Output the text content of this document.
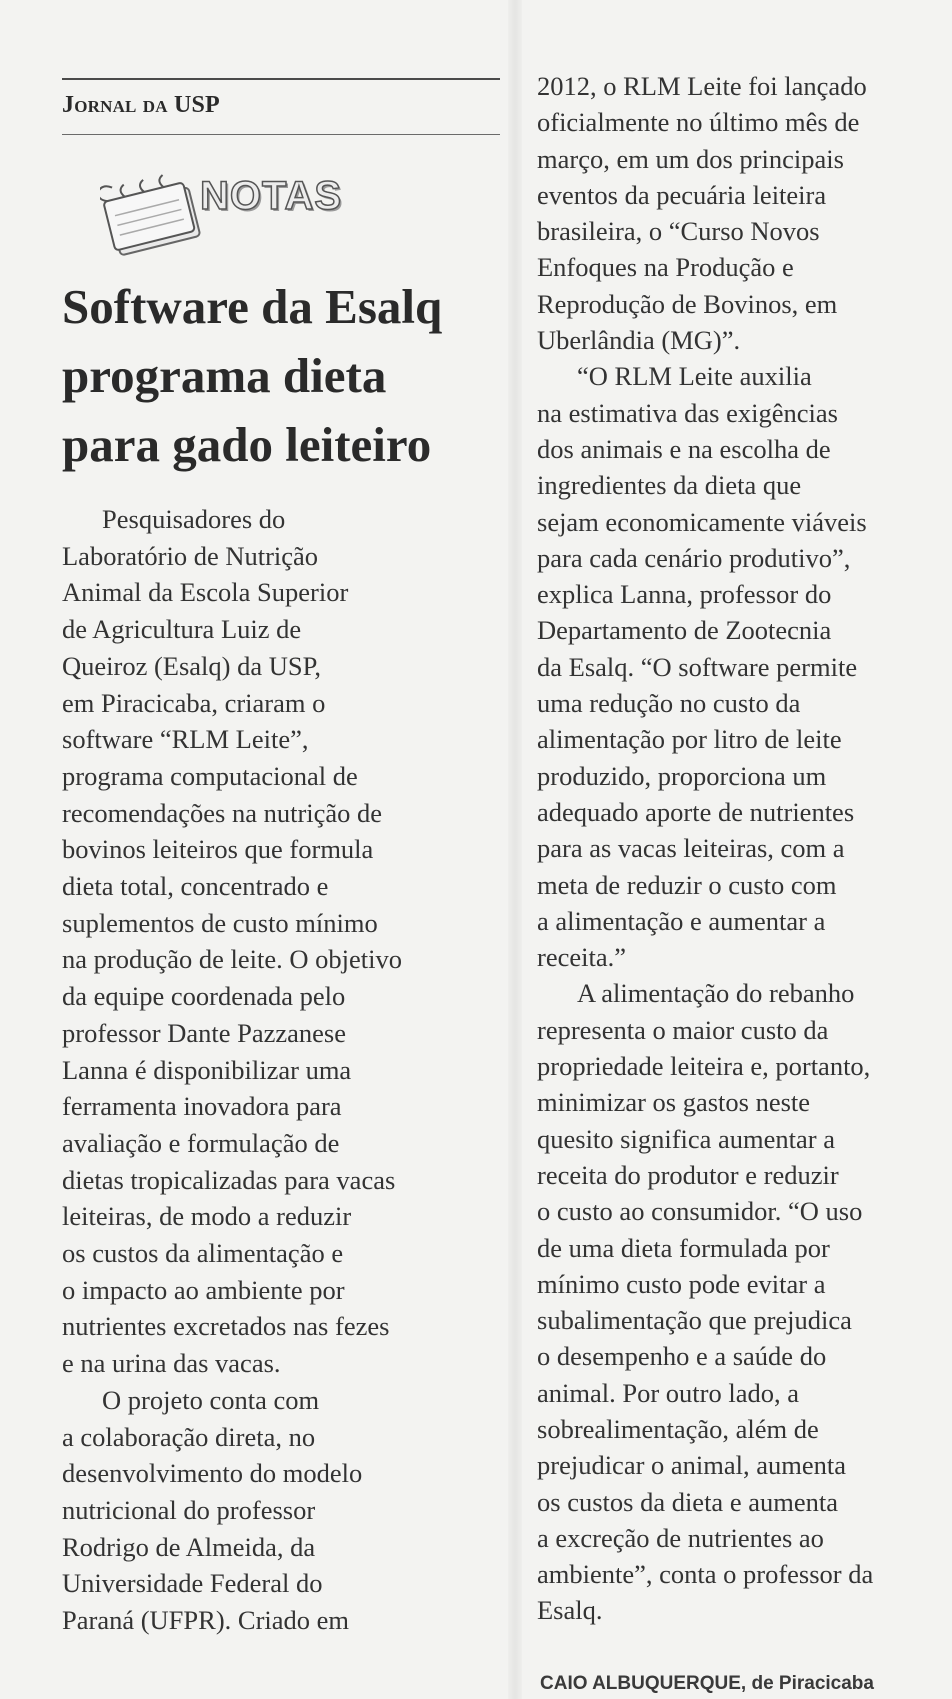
Jornal da USP
NOTAS
Software da Esalq
programa dieta
para gado leiteiro
Pesquisadores do
Laboratório de Nutrição
Animal da Escola Superior
de Agricultura Luiz de
Queiroz (Esalq) da USP,
em Piracicaba, criaram o
software “RLM Leite”,
programa computacional de
recomendações na nutrição de
bovinos leiteiros que formula
dieta total, concentrado e
suplementos de custo mínimo
na produção de leite. O objetivo
da equipe coordenada pelo
professor Dante Pazzanese
Lanna é disponibilizar uma
ferramenta inovadora para
avaliação e formulação de
dietas tropicalizadas para vacas
leiteiras, de modo a reduzir
os custos da alimentação e
o impacto ao ambiente por
nutrientes excretados nas fezes
e na urina das vacas.
O projeto conta com
a colaboração direta, no
desenvolvimento do modelo
nutricional do professor
Rodrigo de Almeida, da
Universidade Federal do
Paraná (UFPR). Criado em
2012, o RLM Leite foi lançado
oficialmente no último mês de
março, em um dos principais
eventos da pecuária leiteira
brasileira, o “Curso Novos
Enfoques na Produção e
Reprodução de Bovinos, em
Uberlândia (MG)”.
“O RLM Leite auxilia
na estimativa das exigências
dos animais e na escolha de
ingredientes da dieta que
sejam economicamente viáveis
para cada cenário produtivo”,
explica Lanna, professor do
Departamento de Zootecnia
da Esalq. “O software permite
uma redução no custo da
alimentação por litro de leite
produzido, proporciona um
adequado aporte de nutrientes
para as vacas leiteiras, com a
meta de reduzir o custo com
a alimentação e aumentar a
receita.”
A alimentação do rebanho
representa o maior custo da
propriedade leiteira e, portanto,
minimizar os gastos neste
quesito significa aumentar a
receita do produtor e reduzir
o custo ao consumidor. “O uso
de uma dieta formulada por
mínimo custo pode evitar a
subalimentação que prejudica
o desempenho e a saúde do
animal. Por outro lado, a
sobrealimentação, além de
prejudicar o animal, aumenta
os custos da dieta e aumenta
a excreção de nutrientes ao
ambiente”, conta o professor da
Esalq.
CAIO ALBUQUERQUE, de Piracicaba
